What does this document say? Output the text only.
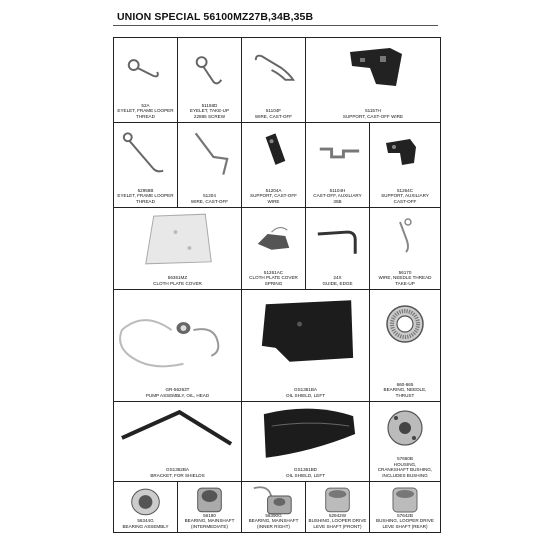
UNION SPECIAL 56100MZ27B,34B,35B
52A
EYELET, FRAME LOOPER
THREAD
51158D
EYELET, TAKE-UP
22885 SCREW
51104F
WIRE, CAST-OFF
51157H
SUPPORT, CAST-OFF WIRE
52958B
EYELET, FRAME LOOPER
THREAD
51204
WIRE, CAST-OFF
51204A
SUPPORT, CAST-OFF
WIRE
51104H
CAST-OFF, AUXILIARY
35B
51264C
SUPPORT, AUXILIARY
CAST-OFF
56361MZ
CLOTH PLATE COVER
51261AC
CLOTH PLATE COVER
SPRING
24X
GUIDE, EDGE
56170
WIRE, NEEDLE THREAD
TAKE-UP
GR-56263T
PUMP ASSEMBLY, OIL, HEAD
GS1361BA
OIL SHIELD, LEFT
660-665
BEARING, NEEDLE,
THRUST
GS1362BA
BRACKET, FOR SHIELDS
GS1361BD
OIL SHIELD, LEFT
57660B
HOUSING,
CRANKSHAFT BUSHING,
INCLUDES BUSHING
56344G
BEARING ASSEMBLY
56190
BEARING, MAINSHAFT
(INTERMEDIATE)
56390G
BEARING, MAINSHAFT
(INNER RIGHT)
52942W
BUSHING, LOOPER DRIVE
LEVE SHAFT (FRONT)
57642B
BUSHING, LOOPER DRIVE
LEVE SHAFT (REAR)
